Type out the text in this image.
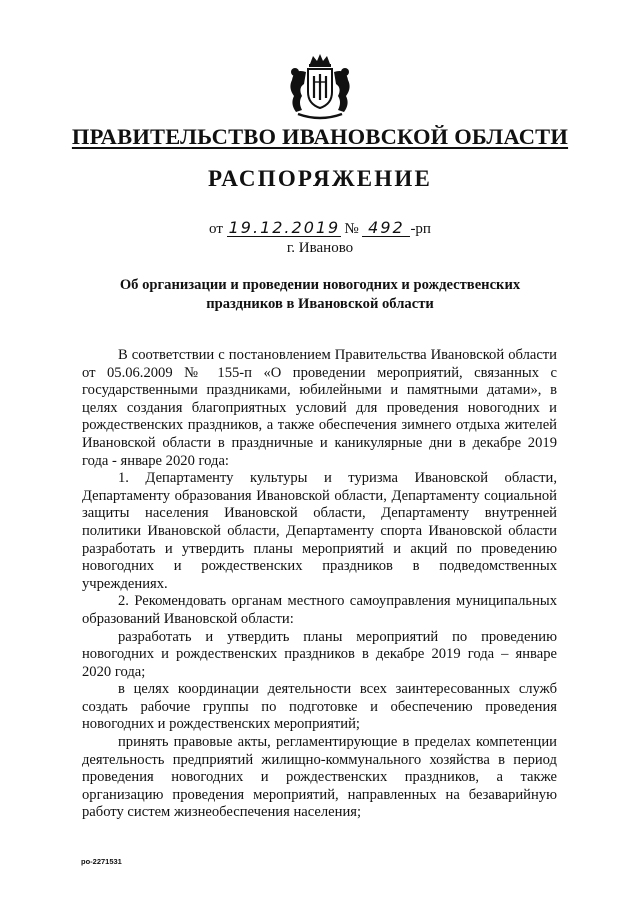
ПРАВИТЕЛЬСТВО ИВАНОВСКОЙ ОБЛАСТИ
РАСПОРЯЖЕНИЕ
от 19.12.2019 № 492 -рп
г. Иваново
Об организации и проведении новогодних и рождественских праздников в Ивановской области

В соответствии с постановлением Правительства Ивановской области от 05.06.2009 № 155-п «О проведении мероприятий, связанных с государственными праздниками, юбилейными и памятными датами», в целях создания благоприятных условий для проведения новогодних и рождественских праздников, а также обеспечения зимнего отдыха жителей Ивановской области в праздничные и каникулярные дни в декабре 2019 года - январе 2020 года:

1. Департаменту культуры и туризма Ивановской области, Департаменту образования Ивановской области, Департаменту социальной защиты населения Ивановской области, Департаменту внутренней политики Ивановской области, Департаменту спорта Ивановской области разработать и утвердить планы мероприятий и акций по проведению новогодних и рождественских праздников в подведомственных учреждениях.

2. Рекомендовать органам местного самоуправления муниципальных образований Ивановской области:

разработать и утвердить планы мероприятий по проведению новогодних и рождественских праздников в декабре 2019 года – январе 2020 года;

в целях координации деятельности всех заинтересованных служб создать рабочие группы по подготовке и обеспечению проведения новогодних и рождественских мероприятий;

принять правовые акты, регламентирующие в пределах компетенции деятельность предприятий жилищно-коммунального хозяйства в период проведения новогодних и рождественских праздников, а также организацию проведения мероприятий, направленных на безаварийную работу систем жизнеобеспечения населения;

ро-2271531
